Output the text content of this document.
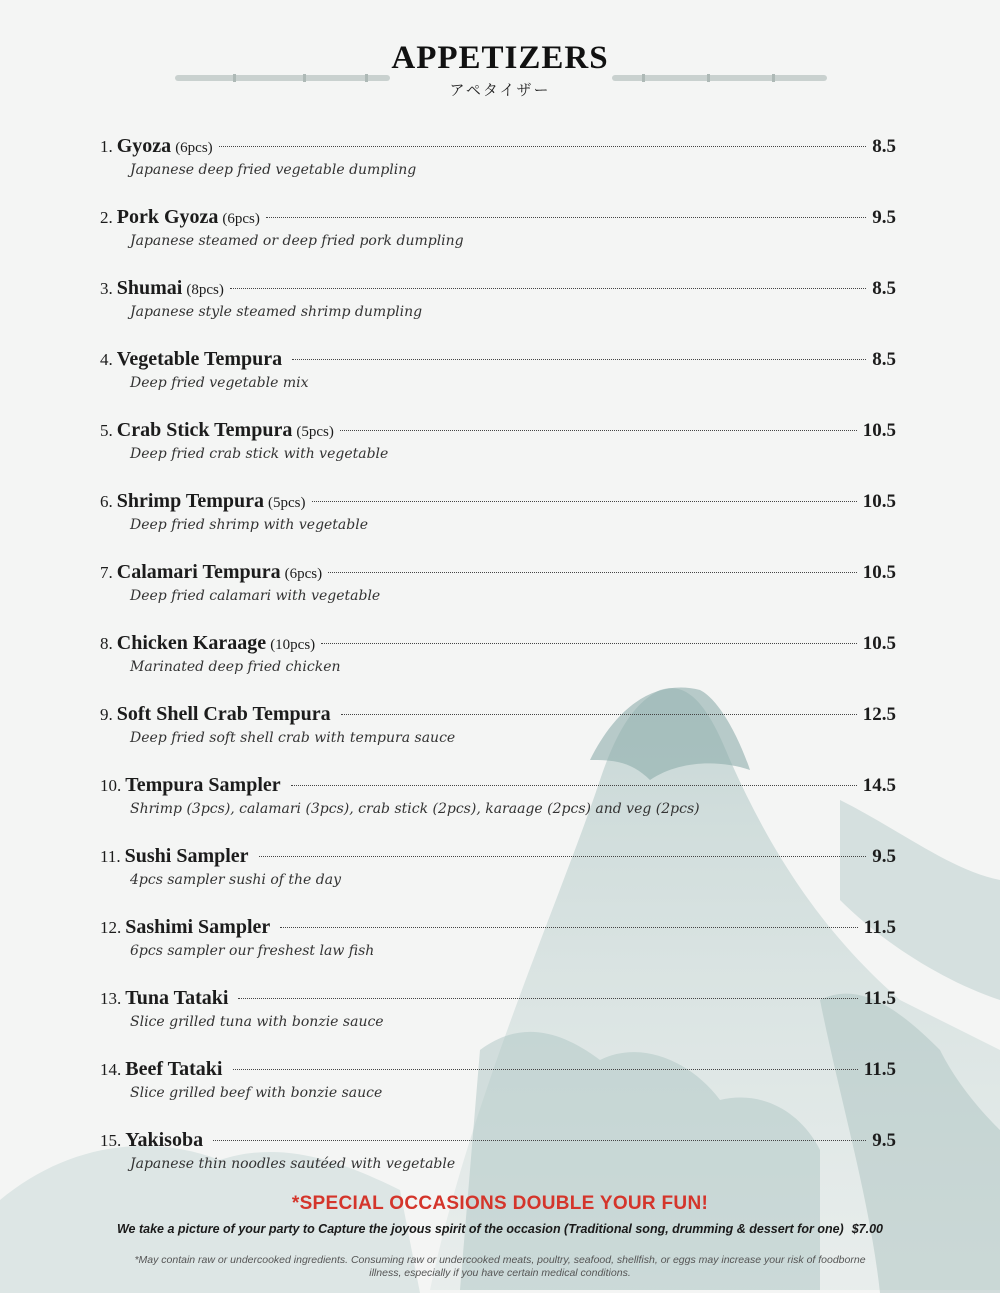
APPETIZERS
アペタイザー
1. Gyoza (6pcs)	8.5
Japanese deep fried vegetable dumpling
2. Pork Gyoza (6pcs)	9.5
Japanese steamed or deep fried pork dumpling
3. Shumai (8pcs)	8.5
Japanese style steamed shrimp dumpling
4. Vegetable Tempura	8.5
Deep fried vegetable mix
5. Crab Stick Tempura (5pcs)	10.5
Deep fried crab stick with vegetable
6. Shrimp Tempura (5pcs)	10.5
Deep fried shrimp with vegetable
7. Calamari Tempura (6pcs)	10.5
Deep fried calamari with vegetable
8. Chicken Karaage (10pcs)	10.5
Marinated deep fried chicken
9. Soft Shell Crab Tempura	12.5
Deep fried soft shell crab with tempura sauce
10. Tempura Sampler	14.5
Shrimp (3pcs), calamari (3pcs), crab stick (2pcs), karaage (2pcs) and veg (2pcs)
11. Sushi Sampler	9.5
4pcs sampler sushi of the day
12. Sashimi Sampler	11.5
6pcs sampler our freshest law fish
13. Tuna Tataki	11.5
Slice grilled tuna with bonzie sauce
14. Beef Tataki	11.5
Slice grilled beef with bonzie sauce
15. Yakisoba	9.5
Japanese thin noodles sautéed with vegetable
*SPECIAL OCCASIONS DOUBLE YOUR FUN!
We take a picture of your party to Capture the joyous spirit of the occasion (Traditional song, drumming & dessert for one) $7.00
*May contain raw or undercooked ingredients. Consuming raw or undercooked meats, poultry, seafood, shellfish, or eggs may increase your risk of foodborne illness, especially if you have certain medical conditions.
